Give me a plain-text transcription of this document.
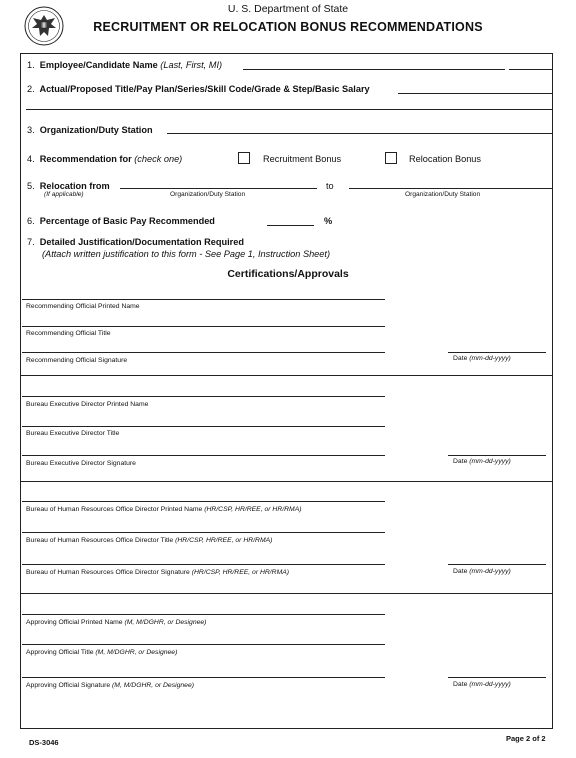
U. S. Department of State
RECRUITMENT OR RELOCATION BONUS RECOMMENDATIONS
1. Employee/Candidate Name (Last, First, MI)
2. Actual/Proposed Title/Pay Plan/Series/Skill Code/Grade & Step/Basic Salary
3. Organization/Duty Station
4. Recommendation for (check one)	Recruitment Bonus	Relocation Bonus
5. Relocation from
(If applicable)	Organization/Duty Station
to
Organization/Duty Station
6. Percentage of Basic Pay Recommended	%
7. Detailed Justification/Documentation Required
(Attach written justification to this form - See Page 1, Instruction Sheet)
Certifications/Approvals
Recommending Official Printed Name
Recommending Official Title
Recommending Official Signature	Date (mm-dd-yyyy)
Bureau Executive Director Printed Name
Bureau Executive Director Title
Bureau Executive Director Signature	Date (mm-dd-yyyy)
Bureau of Human Resources Office Director Printed Name (HR/CSP, HR/REE, or HR/RMA)
Bureau of Human Resources Office Director Title (HR/CSP, HR/REE, or HR/RMA)
Bureau of Human Resources Office Director Signature (HR/CSP, HR/REE, or HR/RMA)	Date (mm-dd-yyyy)
Approving Official Printed Name (M, M/DGHR, or Designee)
Approving Official Title (M, M/DGHR, or Designee)
Approving Official Signature (M, M/DGHR, or Designee)	Date (mm-dd-yyyy)
DS-3046	Page 2 of 2
